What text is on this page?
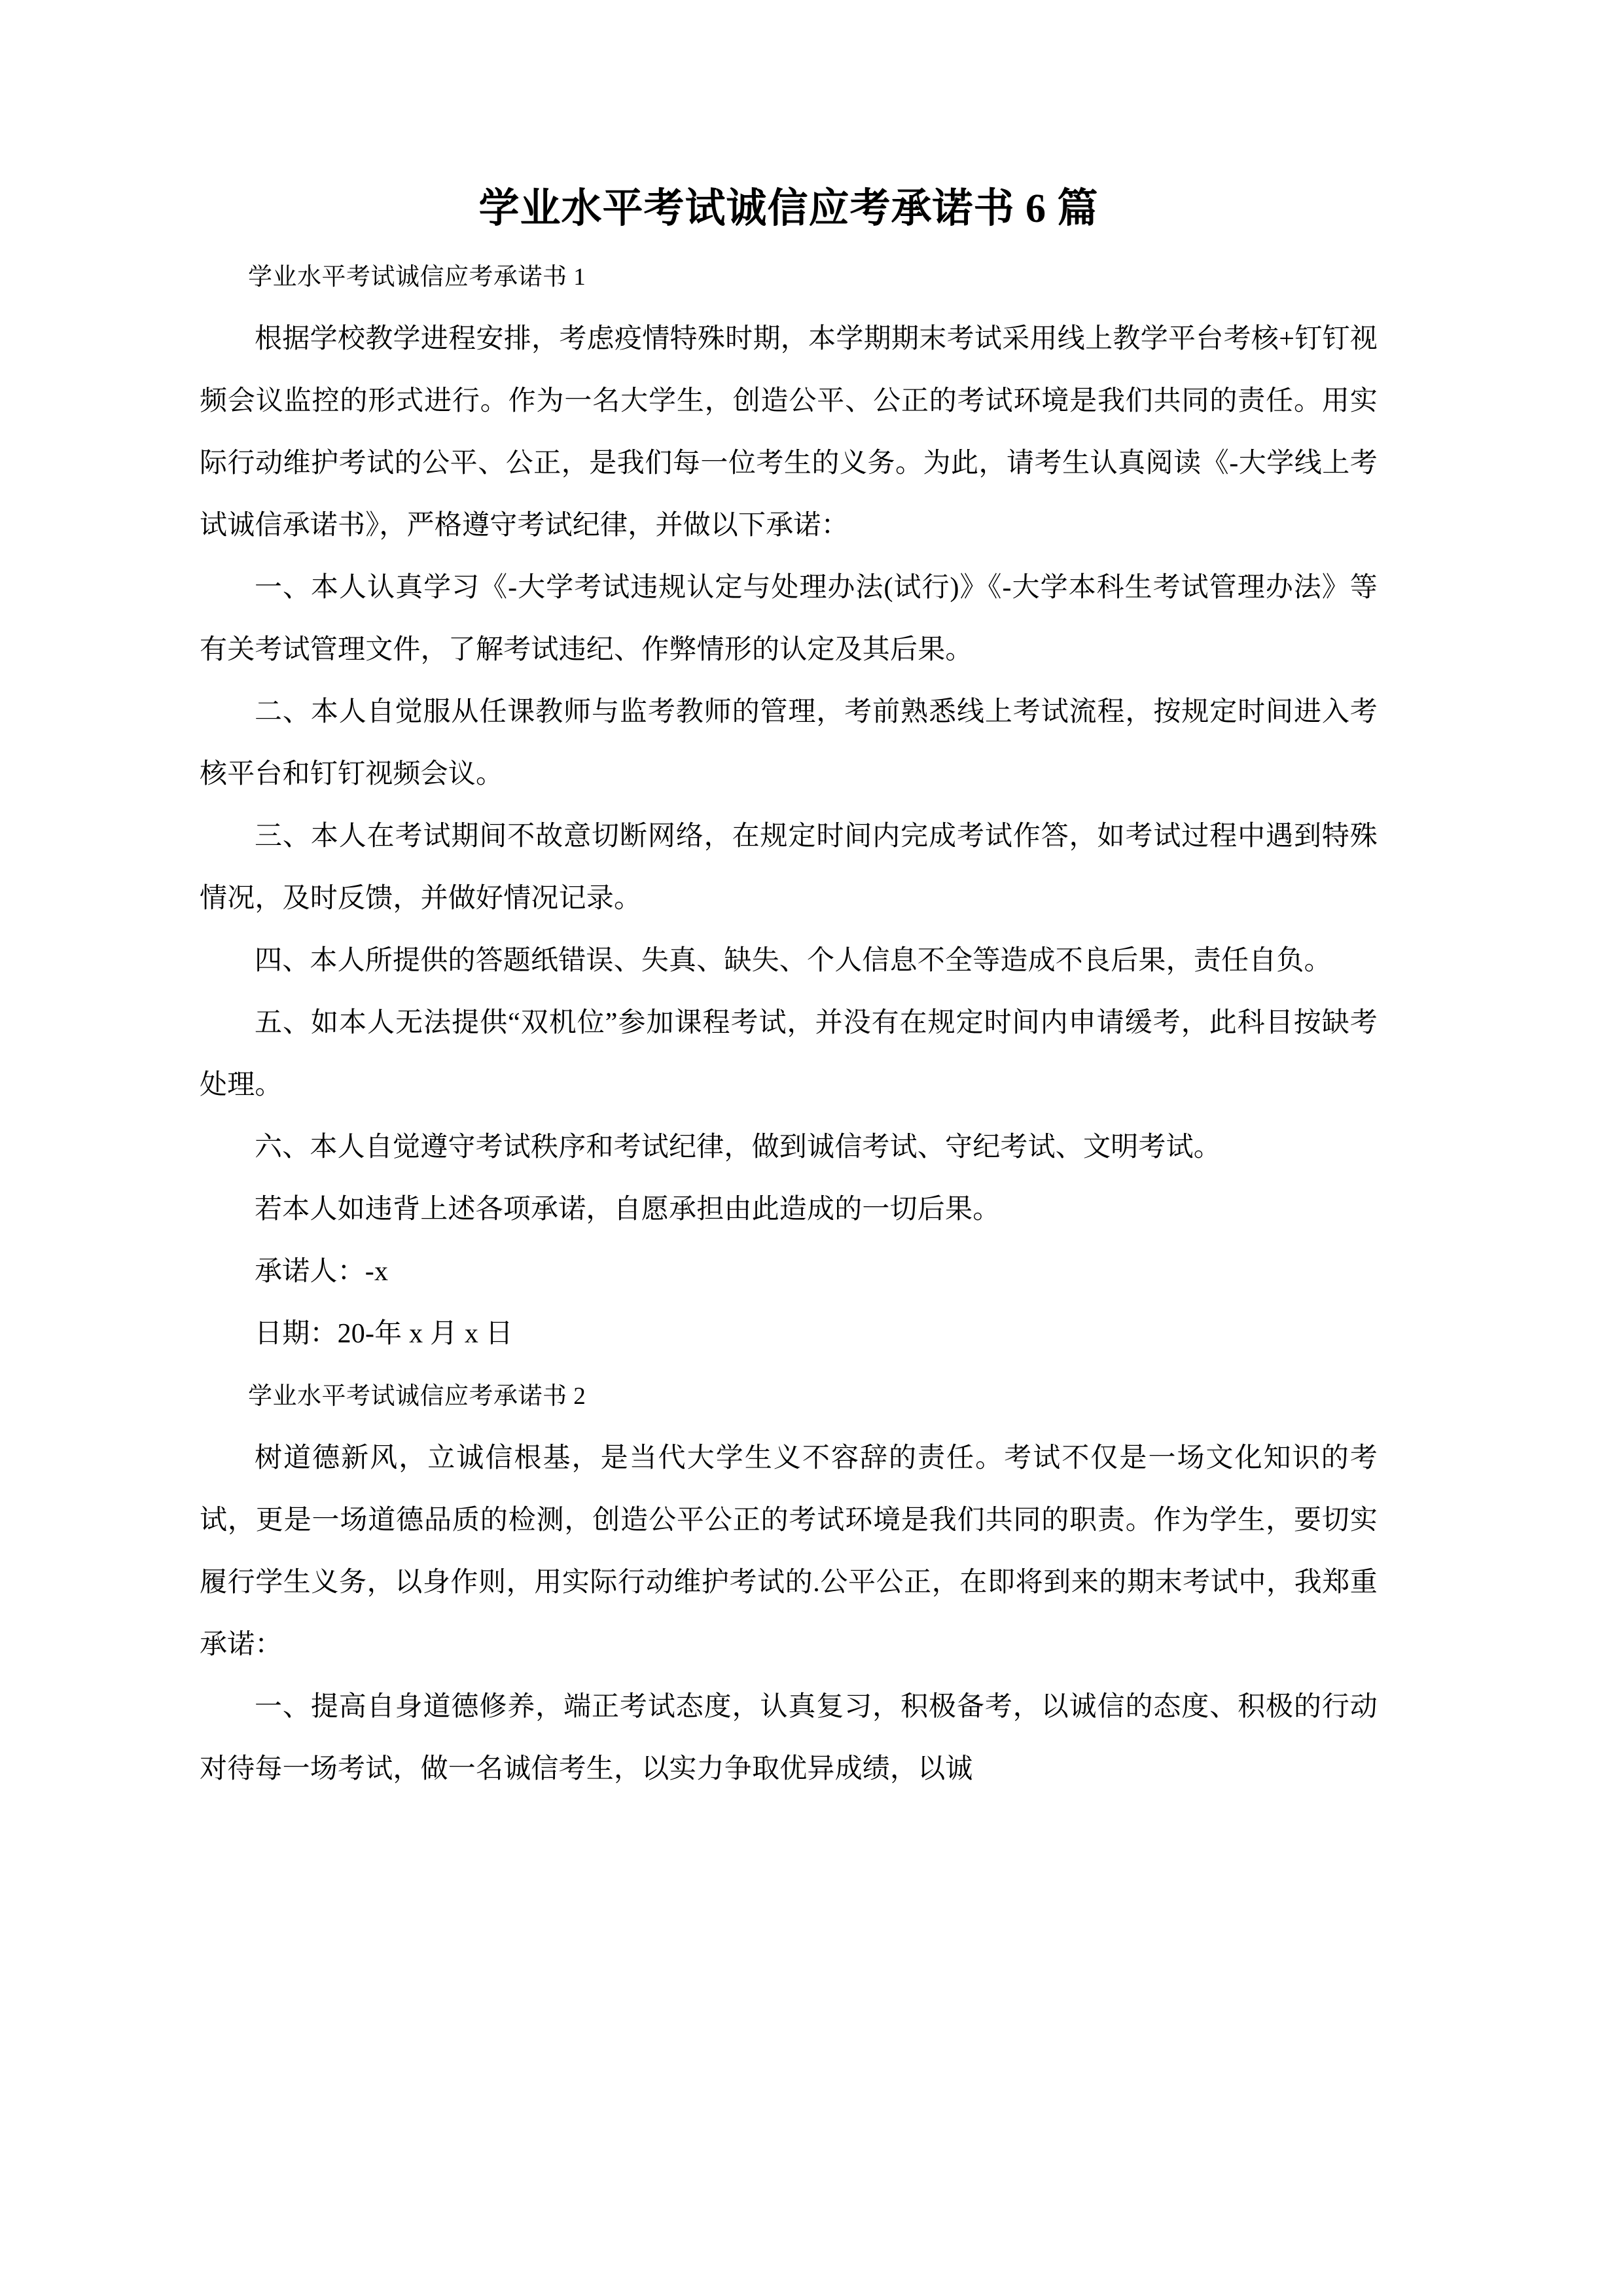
学业水平考试诚信应考承诺书 6 篇

学业水平考试诚信应考承诺书 1

根据学校教学进程安排，考虑疫情特殊时期，本学期期末考试采用线上教学平台考核+钉钉视频会议监控的形式进行。作为一名大学生，创造公平、公正的考试环境是我们共同的责任。用实际行动维护考试的公平、公正，是我们每一位考生的义务。为此，请考生认真阅读《-大学线上考试诚信承诺书》，严格遵守考试纪律，并做以下承诺：

一、本人认真学习《-大学考试违规认定与处理办法(试行)》《-大学本科生考试管理办法》等有关考试管理文件，了解考试违纪、作弊情形的认定及其后果。

二、本人自觉服从任课教师与监考教师的管理，考前熟悉线上考试流程，按规定时间进入考核平台和钉钉视频会议。

三、本人在考试期间不故意切断网络，在规定时间内完成考试作答，如考试过程中遇到特殊情况，及时反馈，并做好情况记录。

四、本人所提供的答题纸错误、失真、缺失、个人信息不全等造成不良后果，责任自负。

五、如本人无法提供“双机位”参加课程考试，并没有在规定时间内申请缓考，此科目按缺考处理。

六、本人自觉遵守考试秩序和考试纪律，做到诚信考试、守纪考试、文明考试。

若本人如违背上述各项承诺，自愿承担由此造成的一切后果。

承诺人：-x

日期：20-年 x 月 x 日

学业水平考试诚信应考承诺书 2

树道德新风，立诚信根基，是当代大学生义不容辞的责任。考试不仅是一场文化知识的考试，更是一场道德品质的检测，创造公平公正的考试环境是我们共同的职责。作为学生，要切实履行学生义务，以身作则，用实际行动维护考试的.公平公正，在即将到来的期末考试中，我郑重承诺：

一、提高自身道德修养，端正考试态度，认真复习，积极备考，以诚信的态度、积极的行动对待每一场考试，做一名诚信考生，以实力争取优异成绩，以诚
